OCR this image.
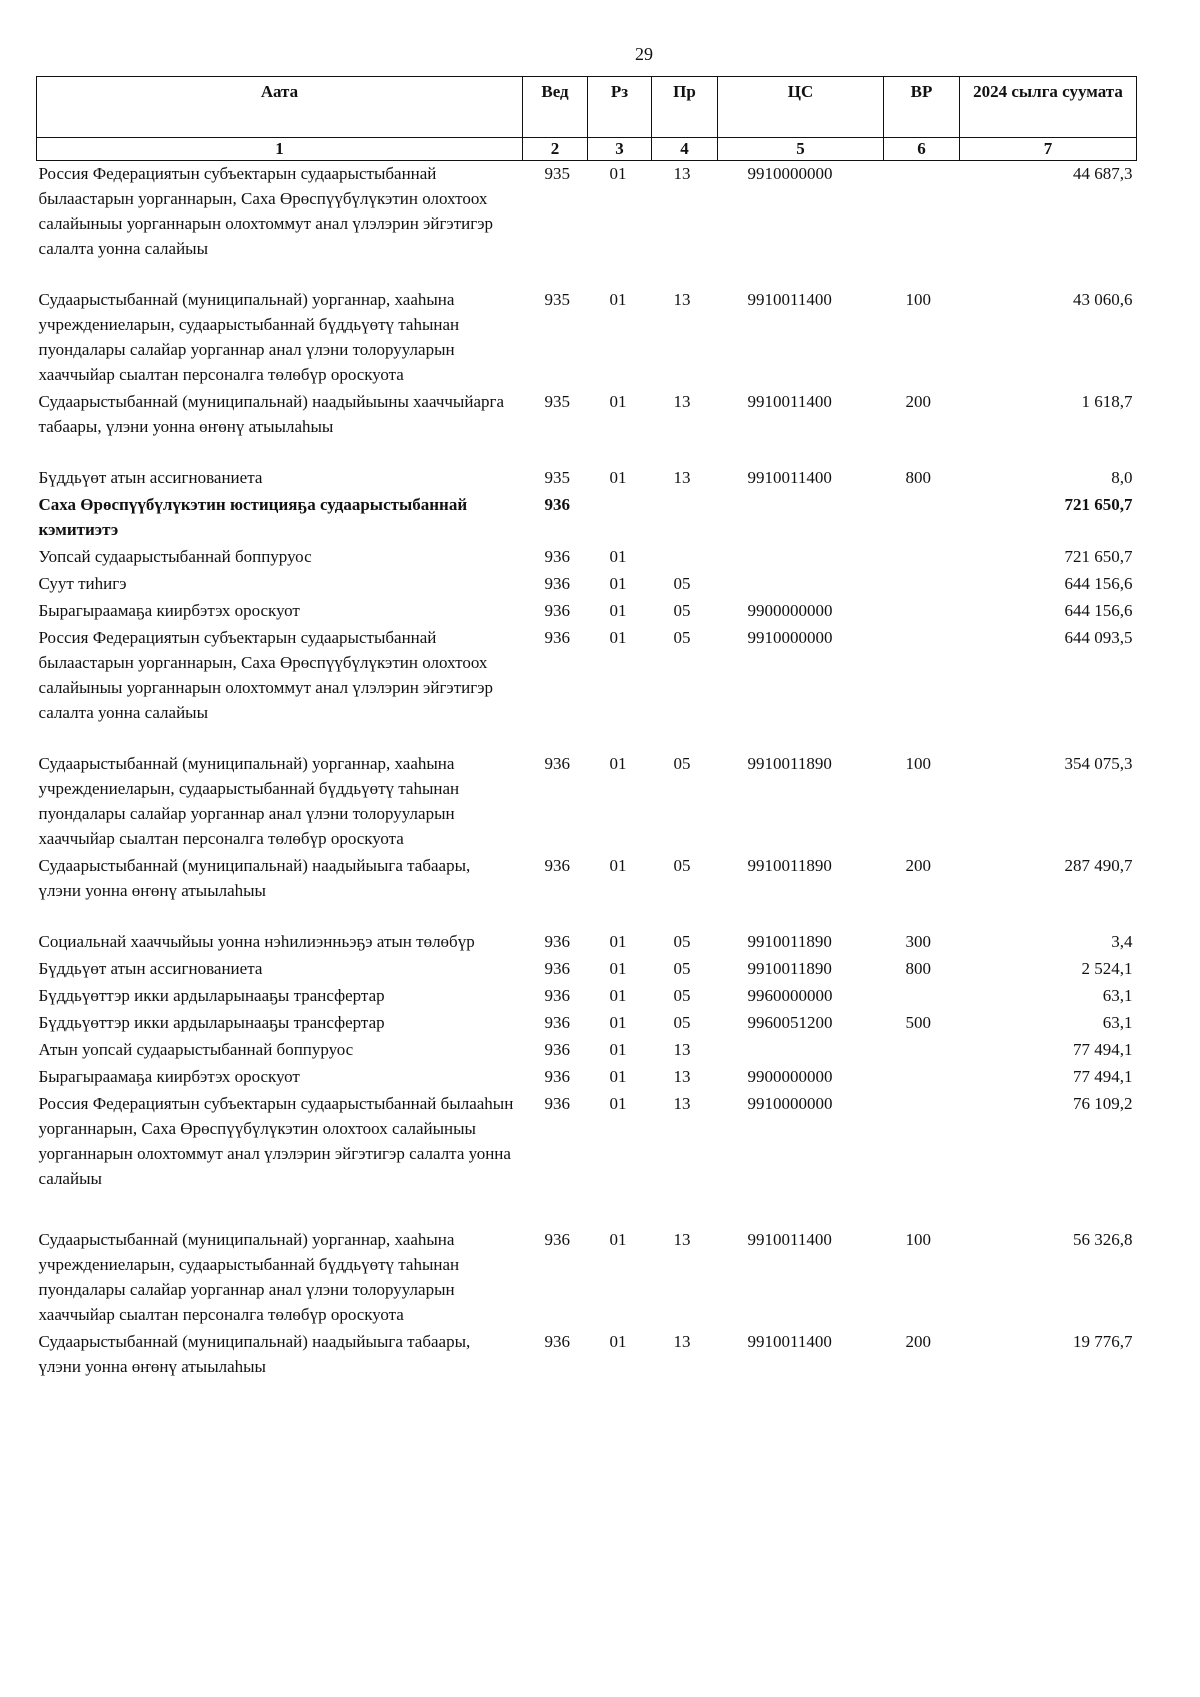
29
Аата	Вед	Рз	Пр	ЦС	ВР	2024 сылга суумата
1	2	3	4	5	6	7
Россия Федерациятын субъектарын судаарыстыбаннай былаастарын уорганнарын, Саха Өрөспүүбүлүкэтин олохтоох салайыныы уорганнарын олохтоммут анал үлэлэрин эйгэтигэр салалта уонна салайыы	935	01	13	9910000000		44 687,3
Судаарыстыбаннай (муниципальнай) уорганнар, хааһына учреждениеларын, судаарыстыбаннай бүддьүөтү таһынан пуондалары салайар уорганнар анал үлэни толорууларын хааччыйар сыалтан персоналга төлөбүр ороскуота	935	01	13	9910011400	100	43 060,6
Судаарыстыбаннай (муниципальнай) наадыйыыны хааччыйарга табаары, үлэни уонна өҥөнү атыылаһыы	935	01	13	9910011400	200	1 618,7
Бүддьүөт атын ассигнованиета	935	01	13	9910011400	800	8,0
Саха Өрөспүүбүлүкэтин юстицияҕа судаарыстыбаннай кэмитиэтэ	936					721 650,7
Уопсай судаарыстыбаннай боппуруос	936	01				721 650,7
Суут тиһигэ	936	01	05			644 156,6
Бырагыраамаҕа киирбэтэх ороскуот	936	01	05	9900000000		644 156,6
Россия Федерациятын субъектарын судаарыстыбаннай былаастарын уорганнарын, Саха Өрөспүүбүлүкэтин олохтоох салайыныы уорганнарын олохтоммут анал үлэлэрин эйгэтигэр салалта уонна салайыы	936	01	05	9910000000		644 093,5
Судаарыстыбаннай (муниципальнай) уорганнар, хааһына учреждениеларын, судаарыстыбаннай бүддьүөтү таһынан пуондалары салайар уорганнар анал үлэни толорууларын хааччыйар сыалтан персоналга төлөбүр ороскуота	936	01	05	9910011890	100	354 075,3
Судаарыстыбаннай (муниципальнай) наадыйыыга табаары, үлэни уонна өҥөнү атыылаһыы	936	01	05	9910011890	200	287 490,7
Социальнай хааччыйыы уонна нэһилиэнньэҕэ атын төлөбүр	936	01	05	9910011890	300	3,4
Бүддьүөт атын ассигнованиета	936	01	05	9910011890	800	2 524,1
Бүддьүөттэр икки ардыларынааҕы трансфертар	936	01	05	9960000000		63,1
Бүддьүөттэр икки ардыларынааҕы трансфертар	936	01	05	9960051200	500	63,1
Атын уопсай судаарыстыбаннай боппуруос	936	01	13			77 494,1
Бырагыраамаҕа киирбэтэх ороскуот	936	01	13	9900000000		77 494,1
Россия Федерациятын субъектарын судаарыстыбаннай былааһын уорганнарын, Саха Өрөспүүбүлүкэтин олохтоох салайыныы уорганнарын олохтоммут анал үлэлэрин эйгэтигэр салалта уонна салайыы	936	01	13	9910000000		76 109,2
Судаарыстыбаннай (муниципальнай) уорганнар, хааһына учреждениеларын, судаарыстыбаннай бүддьүөтү таһынан пуондалары салайар уорганнар анал үлэни толорууларын хааччыйар сыалтан персоналга төлөбүр ороскуота	936	01	13	9910011400	100	56 326,8
Судаарыстыбаннай (муниципальнай) наадыйыыга табаары, үлэни уонна өҥөнү атыылаһыы	936	01	13	9910011400	200	19 776,7
